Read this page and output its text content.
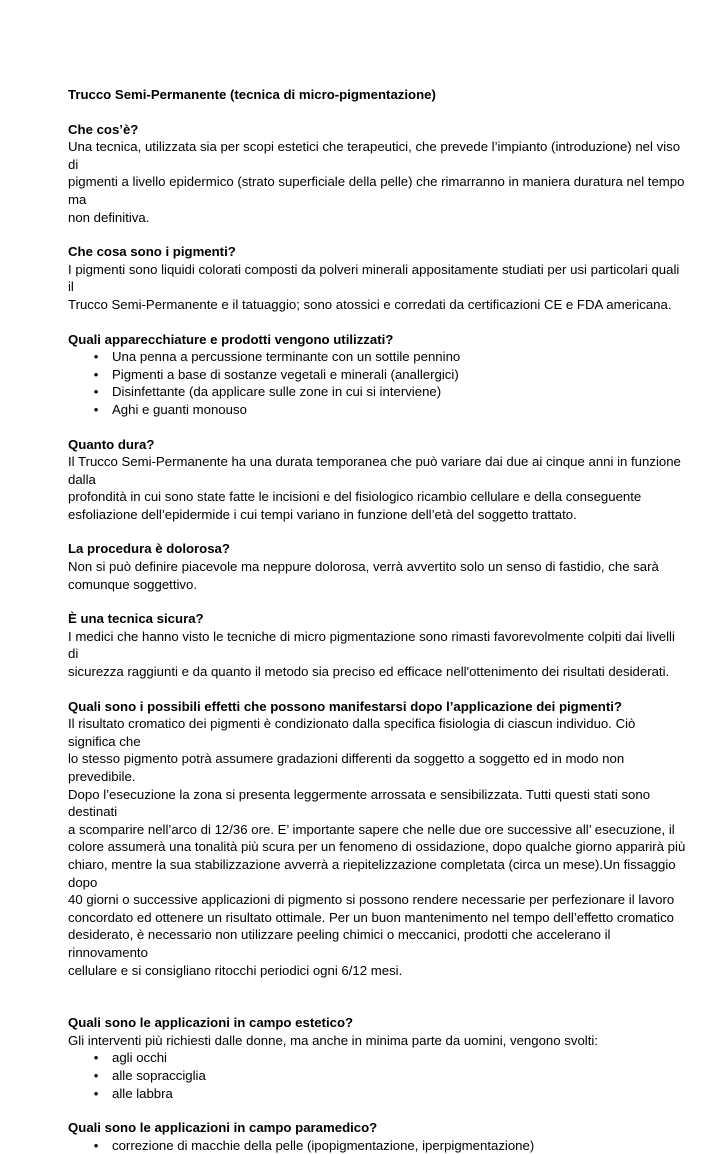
Trucco Semi-Permanente (tecnica di micro-pigmentazione)

Che cos’è?

Una tecnica, utilizzata sia per scopi estetici che terapeutici, che prevede l’impianto (introduzione) nel viso di
pigmenti a livello epidermico (strato superficiale della pelle) che rimarranno in maniera duratura nel tempo ma
non definitiva.

Che cosa sono i pigmenti?

I pigmenti sono liquidi colorati composti da polveri minerali appositamente studiati per usi particolari quali il
Trucco Semi-Permanente e il tatuaggio; sono atossici e corredati da certificazioni CE e FDA americana.

Quali apparecchiature e prodotti vengono utilizzati?

• Una penna a percussione terminante con un sottile pennino
• Pigmenti a base di sostanze vegetali e minerali (anallergici)
• Disinfettante (da applicare sulle zone in cui si interviene)
• Aghi e guanti monouso

Quanto dura?

Il Trucco Semi-Permanente ha una durata temporanea che può variare dai due ai cinque anni in funzione dalla
profondità in cui sono state fatte le incisioni e del fisiologico ricambio cellulare e della conseguente
esfoliazione dell’epidermide i cui tempi variano in funzione dell’età del soggetto trattato.

La procedura è dolorosa?

Non si può definire piacevole ma neppure dolorosa, verrà avvertito solo un senso di fastidio, che sarà
comunque soggettivo.

È una tecnica sicura?

I medici che hanno visto le tecniche di micro pigmentazione sono rimasti favorevolmente colpiti dai livelli di
sicurezza raggiunti e da quanto il metodo sia preciso ed efficace nell'ottenimento dei risultati desiderati.

Quali sono i possibili effetti che possono manifestarsi dopo l’applicazione dei pigmenti?

Il risultato cromatico dei pigmenti è condizionato dalla specifica fisiologia di ciascun individuo. Ciò significa che
lo stesso pigmento potrà assumere gradazioni differenti da soggetto a soggetto ed in modo non prevedibile.
Dopo l’esecuzione la zona si presenta leggermente arrossata e sensibilizzata. Tutti questi stati sono destinati
a scomparire nell’arco di 12/36 ore. E’ importante sapere che nelle due ore successive all’ esecuzione, il
colore assumerà una tonalità più scura per un fenomeno di ossidazione, dopo qualche giorno apparirà più
chiaro, mentre la sua stabilizzazione avverrà a riepitelizzazione completata (circa un mese).Un fissaggio dopo
40 giorni o successive applicazioni di pigmento si possono rendere necessarie per perfezionare il lavoro
concordato ed ottenere un risultato ottimale. Per un buon mantenimento nel tempo dell’effetto cromatico
desiderato, è necessario non utilizzare peeling chimici o meccanici, prodotti che accelerano il rinnovamento
cellulare e si consigliano ritocchi periodici ogni 6/12 mesi.

Quali sono le applicazioni in campo estetico?

Gli interventi più richiesti dalle donne, ma anche in minima parte da uomini, vengono svolti:
• agli occhi
• alle sopracciglia
• alle labbra

Quali sono le applicazioni in campo paramedico?

• correzione di macchie della pelle (ipopigmentazione, iperpigmentazione)
